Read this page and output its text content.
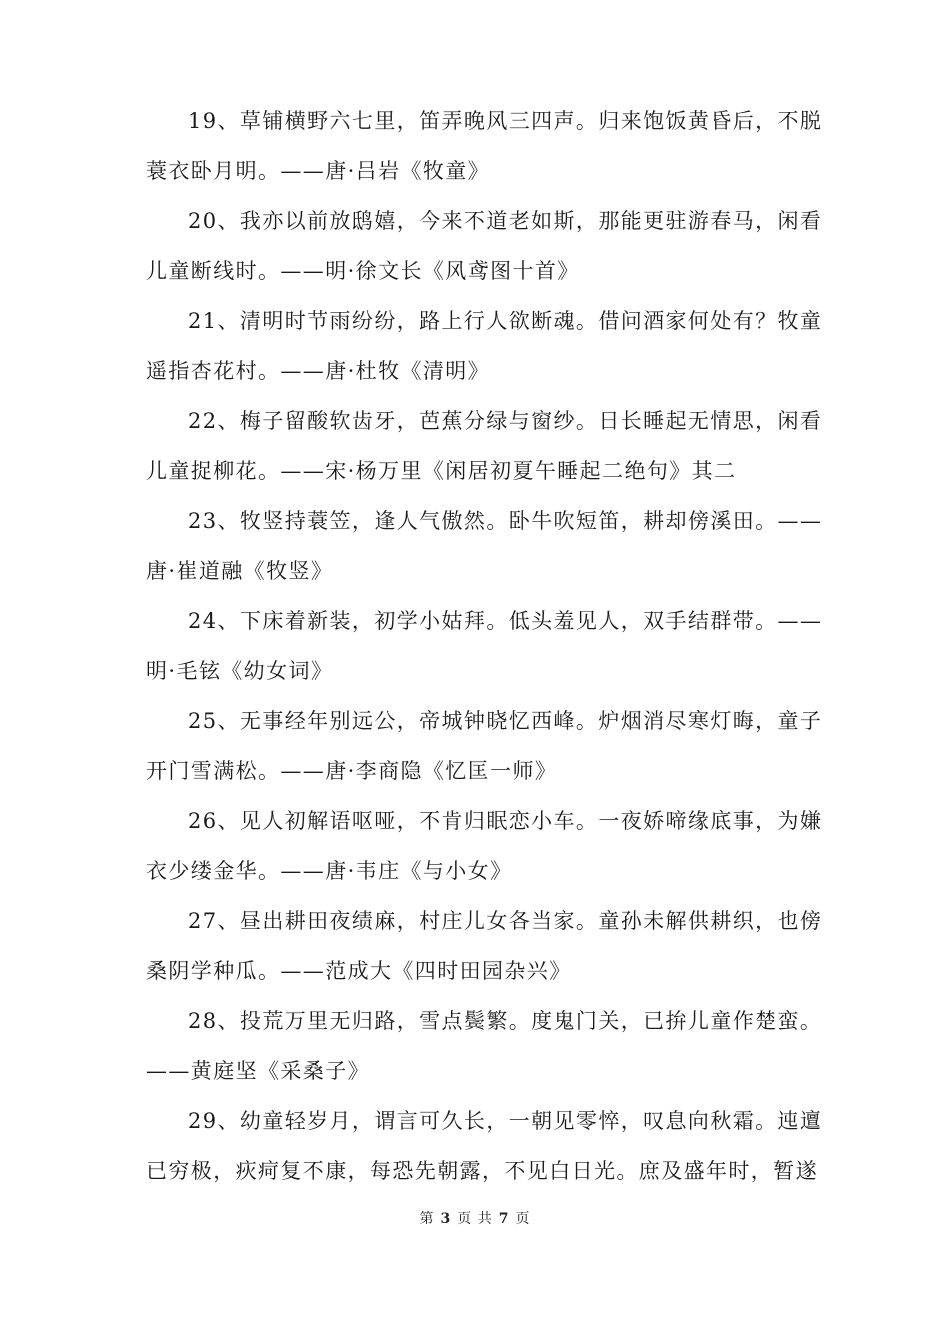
19、草铺横野六七里，笛弄晚风三四声。归来饱饭黄昏后，不脱
蓑衣卧月明。——唐·吕岩《牧童》
20、我亦以前放鸱嬉，今来不道老如斯，那能更驻游春马，闲看
儿童断线时。——明·徐文长《风鸢图十首》
21、清明时节雨纷纷，路上行人欲断魂。借问酒家何处有？牧童
遥指杏花村。——唐·杜牧《清明》
22、梅子留酸软齿牙，芭蕉分绿与窗纱。日长睡起无情思，闲看
儿童捉柳花。——宋·杨万里《闲居初夏午睡起二绝句》其二
23、牧竖持蓑笠，逢人气傲然。卧牛吹短笛，耕却傍溪田。——
唐·崔道融《牧竖》
24、下床着新装，初学小姑拜。低头羞见人，双手结群带。——
明·毛铉《幼女词》
25、无事经年别远公，帝城钟晓忆西峰。炉烟消尽寒灯晦，童子
开门雪满松。——唐·李商隐《忆匡一师》
26、见人初解语呕哑，不肯归眠恋小车。一夜娇啼缘底事，为嫌
衣少缕金华。——唐·韦庄《与小女》
27、昼出耕田夜绩麻，村庄儿女各当家。童孙未解供耕织，也傍
桑阴学种瓜。——范成大《四时田园杂兴》
28、投荒万里无归路，雪点鬓繁。度鬼门关，已拚儿童作楚蛮。
——黄庭坚《采桑子》
29、幼童轻岁月，谓言可久长，一朝见零悴，叹息向秋霜。迍邅
已穷极，疢疴复不康，每恐先朝露，不见白日光。庶及盛年时，暂遂
第 3 页 共 7 页
